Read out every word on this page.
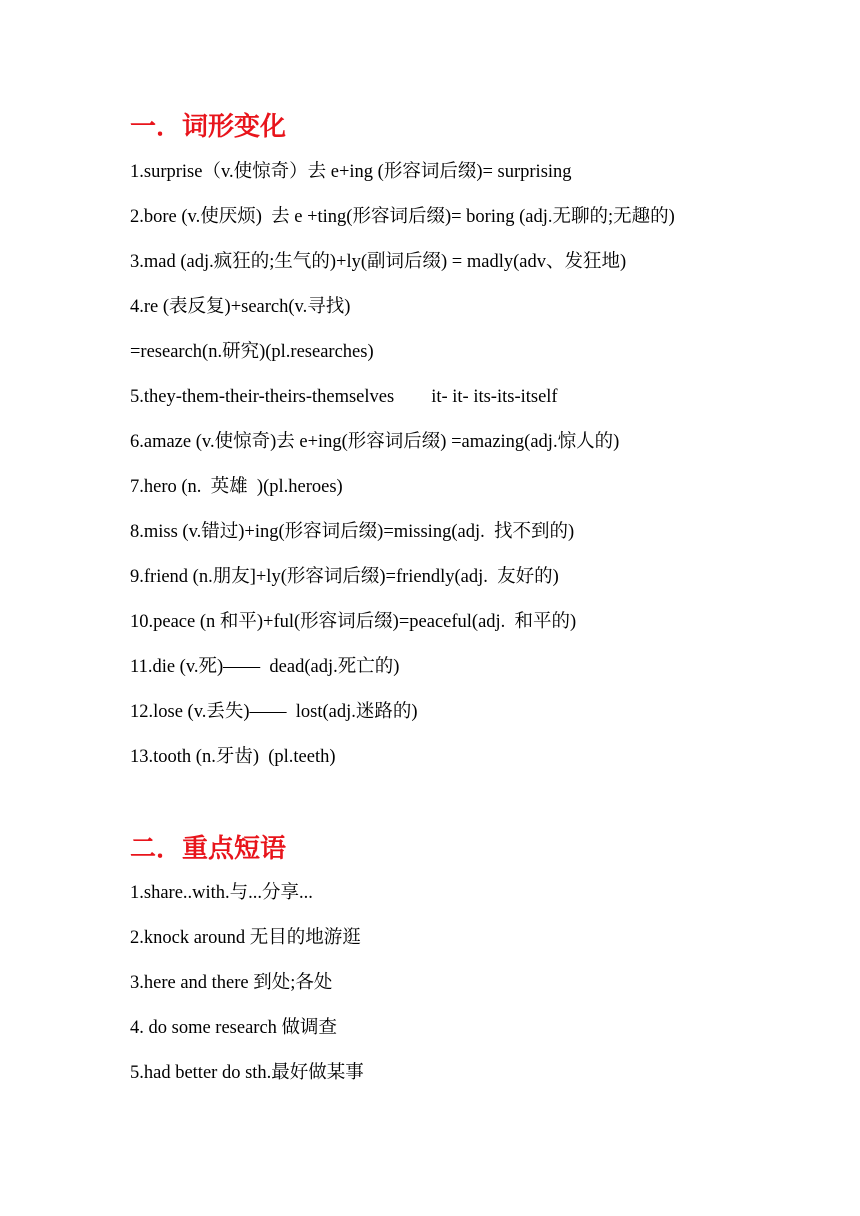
一．词形变化
1.surprise（v.使惊奇）去 e+ing (形容词后缀)= surprising
2.bore (v.使厌烦)  去 e +ting(形容词后缀)= boring (adj.无聊的;无趣的)
3.mad (adj.疯狂的;生气的)+ly(副词后缀) = madly(adv、发狂地)
4.re (表反复)+search(v.寻找)
=research(n.研究)(pl.researches)
5.they-them-their-theirs-themselves        it- it- its-its-itself
6.amaze (v.使惊奇)去 e+ing(形容词后缀) =amazing(adj.惊人的)
7.hero (n.  英雄  )(pl.heroes)
8.miss (v.错过)+ing(形容词后缀)=missing(adj.  找不到的)
9.friend (n.朋友]+ly(形容词后缀)=friendly(adj.  友好的)
10.peace (n 和平)+ful(形容词后缀)=peaceful(adj.  和平的)
11.die (v.死)——  dead(adj.死亡的)
12.lose (v.丢失)——  lost(adj.迷路的)
13.tooth (n.牙齿)  (pl.teeth)
二．重点短语
1.share..with.与...分享...
2.knock around 无目的地游逛
3.here and there 到处;各处
4. do some research 做调查
5.had better do sth.最好做某事
